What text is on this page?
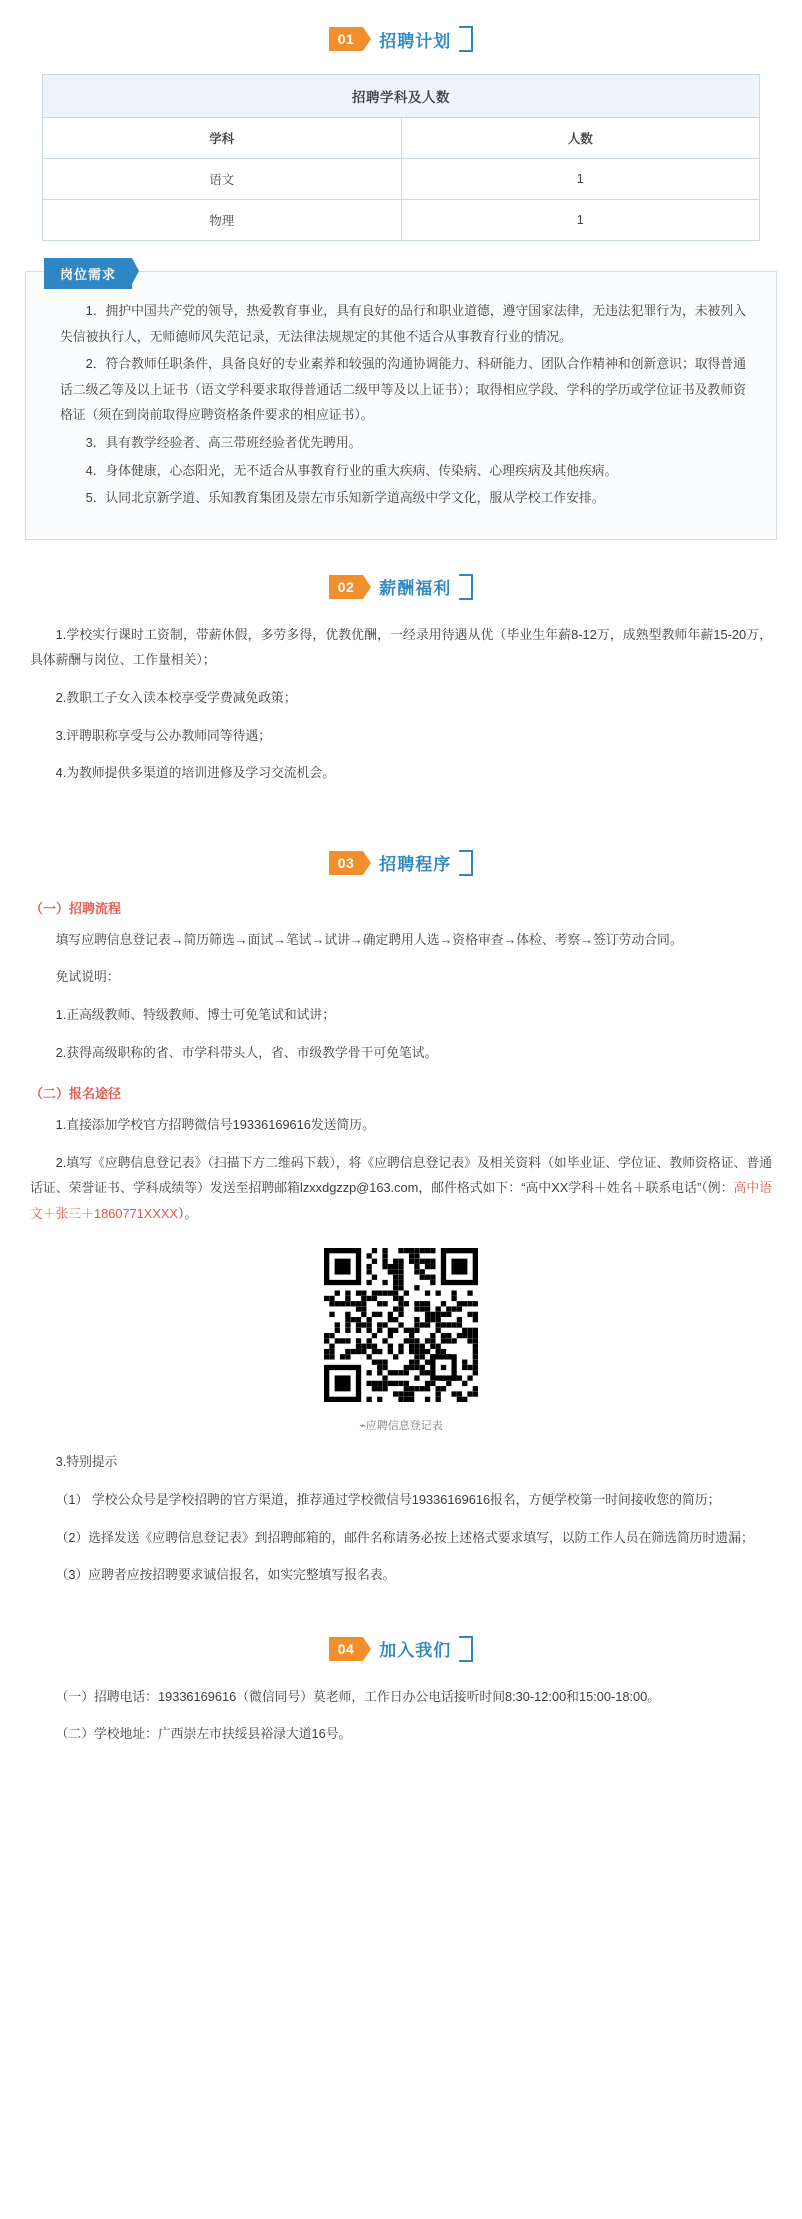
01	招聘计划
招聘学科及人数	
学科	人数
语文	1
物理	1
岗位需求

1．拥护中国共产党的领导，热爱教育事业，具有良好的品行和职业道德，遵守国家法律，无违法犯罪行为，未被列入失信被执行人，无师德师风失范记录，无法律法规规定的其他不适合从事教育行业的情况。

2．符合教师任职条件，具备良好的专业素养和较强的沟通协调能力、科研能力、团队合作精神和创新意识；取得普通话二级乙等及以上证书（语文学科要求取得普通话二级甲等及以上证书）；取得相应学段、学科的学历或学位证书及教师资格证（须在到岗前取得应聘资格条件要求的相应证书）。

3．具有教学经验者、高三带班经验者优先聘用。

4．身体健康，心态阳光，无不适合从事教育行业的重大疾病、传染病、心理疾病及其他疾病。

5．认同北京新学道、乐知教育集团及崇左市乐知新学道高级中学文化，服从学校工作安排。

02	薪酬福利

1.学校实行课时工资制，带薪休假，多劳多得，优教优酬，一经录用待遇从优（毕业生年薪8-12万，成熟型教师年薪15-20万，具体薪酬与岗位、工作量相关）；

2.教职工子女入读本校享受学费减免政策；

3.评聘职称享受与公办教师同等待遇；

4.为教师提供多渠道的培训进修及学习交流机会。

03	招聘程序
（一）招聘流程

填写应聘信息登记表→简历筛选→面试→笔试→试讲→确定聘用人选→资格审查→体检、考察→签订劳动合同。

免试说明：

1.正高级教师、特级教师、博士可免笔试和试讲；

2.获得高级职称的省、市学科带头人，省、市级教学骨干可免笔试。

（二）报名途径

1.直接添加学校官方招聘微信号19336169616发送简历。

2.填写《应聘信息登记表》（扫描下方二维码下载），将《应聘信息登记表》及相关资料（如毕业证、学位证、教师资格证、普通话证、荣誉证书、学科成绩等）发送至招聘邮箱lzxxdgzzp@163.com，邮件格式如下：“高中XX学科＋姓名＋联系电话”（例：高中语文＋张三＋1860771XXXX）。

⌁应聘信息登记表

3.特别提示

（1） 学校公众号是学校招聘的官方渠道，推荐通过学校微信号19336169616报名，方便学校第一时间接收您的简历；

（2）选择发送《应聘信息登记表》到招聘邮箱的，邮件名称请务必按上述格式要求填写，以防工作人员在筛选简历时遗漏；

（3）应聘者应按招聘要求诚信报名，如实完整填写报名表。

04	加入我们

（一）招聘电话：19336169616（微信同号）莫老师，工作日办公电话接听时间8:30-12:00和15:00-18:00。

（二）学校地址：广西崇左市扶绥县裕渌大道16号。
